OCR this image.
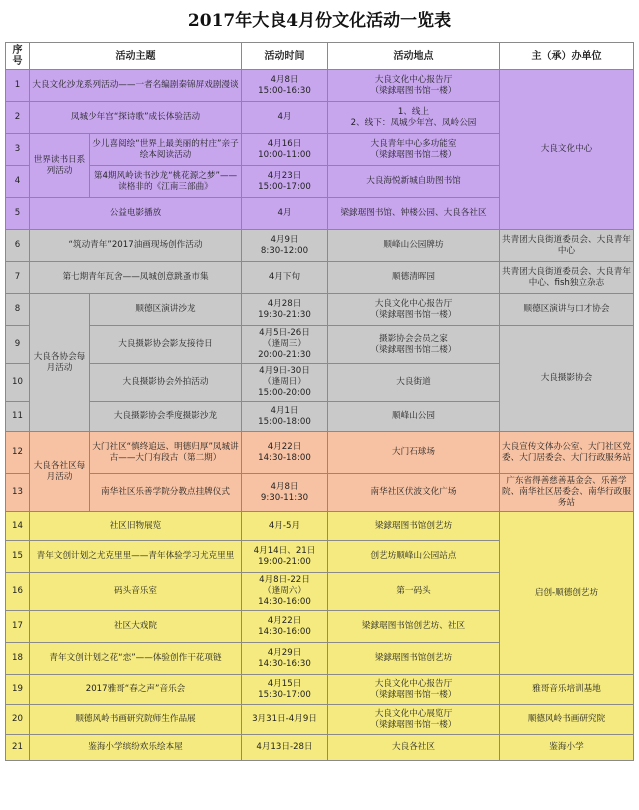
2017年大良4月份文化活动一览表
序号	活动主题		活动时间	活动地点	主（承）办单位
1	大良文化沙龙系列活动——一者名编剧秦锦屏戏剧漫谈		4月8日
15:00-16:30	大良文化中心报告厅
（梁銶琚图书馆一楼）	大良文化中心
2	凤城少年宫“探诗歌”成长体验活动		4月	1、线上
2、线下：凤城少年宫、凤岭公园	
3	世界读书日系列活动	少儿喜阅绘“世界上最美丽的村庄”亲子绘本阅读活动	4月16日
10:00-11:00	大良青年中心多功能室
（梁銶琚图书馆二楼）	
4		第4期风岭读书沙龙“桃花源之梦”——读格非的《江南三部曲》	4月23日
15:00-17:00	大良海悦新城自助图书馆	
5	公益电影播放		4月	梁銶琚图书馆、钟楼公园、大良各社区	
6	“筑动青年”2017油画现场创作活动		4月9日
8:30-12:00	顺峰山公园牌坊	共青团大良街道委员会、大良青年中心
7	第七期青年瓦舍——凤城创意跳蚤市集		4月下旬	顺德清晖园	共青团大良街道委员会、大良青年中心、fish独立杂志
8	大良各协会每月活动	顺德区演讲沙龙	4月28日
19:30-21:30	大良文化中心报告厅
（梁銶琚图书馆一楼）	顺德区演讲与口才协会
9		大良摄影协会影友接待日	4月5日-26日
（逢周三）
20:00-21:30	摄影协会会员之家
（梁銶琚图书馆二楼）	大良摄影协会
10		大良摄影协会外拍活动	4月9日-30日
（逢周日）
15:00-20:00	大良街道	
11		大良摄影协会季度摄影沙龙	4月1日
15:00-18:00	顺峰山公园	
12	大良各社区每月活动	大门社区“慎终追远、明德归厚”凤城讲古——大门有段古（第二期）	4月22日
14:30-18:00	大门石球场	大良宣传文体办公室、大门社区党委、大门居委会、大门行政服务站
13		南华社区乐善学院分教点挂牌仪式	4月8日
9:30-11:30	南华社区伏波文化广场	广东省得善慈善基金会、乐善学院、南华社区居委会、南华行政服务站
14	社区旧物展览		4月-5月	梁銶琚图书馆创艺坊	启创-顺德创艺坊
15	青年文创计划之尤克里里——青年体验学习尤克里里		4月14日、21日
19:00-21:00	创艺坊顺峰山公园站点	
16	码头音乐室		4月8日-22日
（逢周六）
14:30-16:00	第一码头	
17	社区大戏院		4月22日
14:30-16:00	梁銶琚图书馆创艺坊、社区	
18	青年文创计划之花“恋”——体验创作干花项链		4月29日
14:30-16:30	梁銶琚图书馆创艺坊	
19	2017雅哥“春之声”音乐会		4月15日
15:30-17:00	大良文化中心报告厅
（梁銶琚图书馆一楼）	雅哥音乐培训基地
20	顺德风岭书画研究院师生作品展		3月31日-4月9日	大良文化中心展览厅
（梁銶琚图书馆一楼）	顺德风岭书画研究院
21	鉴海小学缤纷欢乐绘本屋		4月13日-28日	大良各社区	鉴海小学
